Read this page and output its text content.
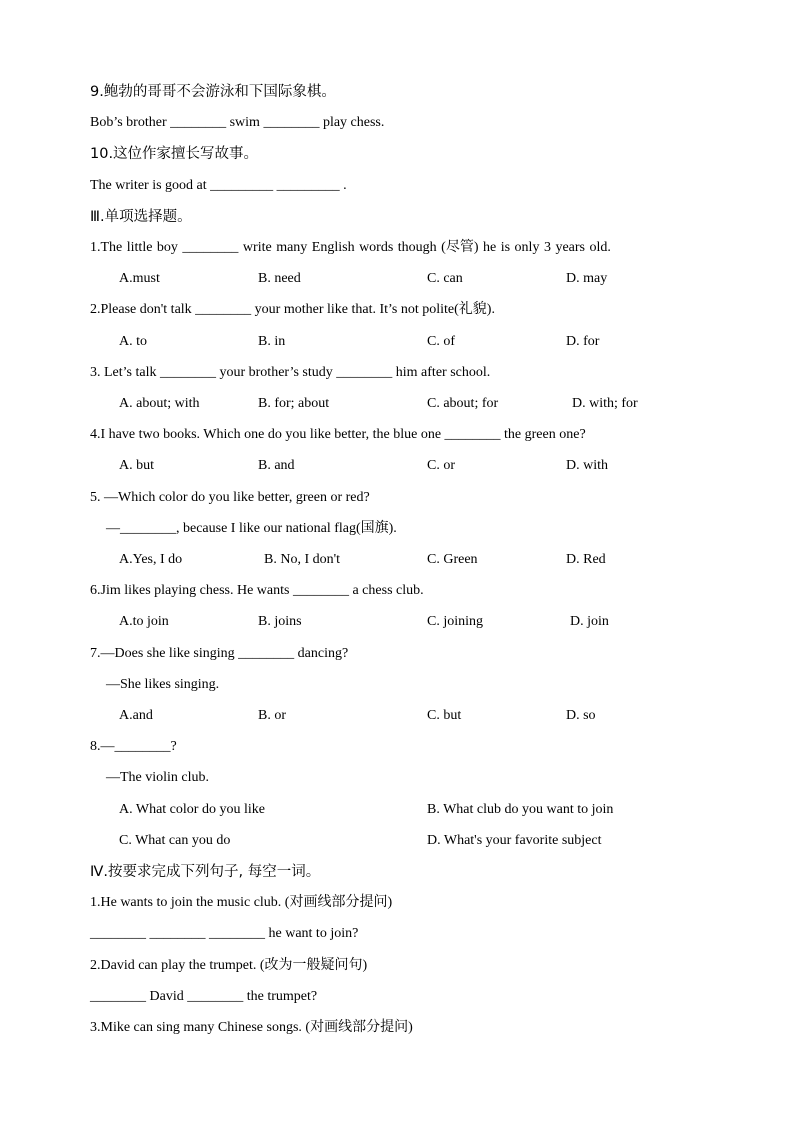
9.鲍勃的哥哥不会游泳和下国际象棋。
Bob’s brother ________ swim ________ play chess.
10.这位作家擅长写故事。
The writer is good at _________ _________ .
Ⅲ.单项选择题。
1.The little boy ________ write many English words though (尽管) he is only 3 years old.
A.must	B. need	C. can	D. may
2.Please don't talk ________ your mother like that. It’s not polite(礼貌).
A. to	B. in	C. of	D. for
3. Let’s talk ________ your brother’s study ________ him after school.
A. about; with	B. for; about	C. about; for	D. with; for
4.I have two books. Which one do you like better, the blue one ________ the green one?
A. but	B. and	C. or	D. with
5. —Which color do you like better, green or red?
—________, because I like our national flag(国旗).
A.Yes, I do	B. No, I don't	C. Green	D. Red
6.Jim likes playing chess. He wants ________ a chess club.
A.to join	B. joins	C. joining	D. join
7.—Does she like singing ________ dancing?
—She likes singing.
A.and	B. or	C. but	D. so
8.—________?
—The violin club.
A. What color do you like	B. What club do you want to join
C. What can you do	D. What's your favorite subject
Ⅳ.按要求完成下列句子, 每空一词。
1.He wants to join the music club. (对画线部分提问)
________ ________ ________ he want to join?
2.David can play the trumpet. (改为一般疑问句)
________ David ________ the trumpet?
3.Mike can sing many Chinese songs. (对画线部分提问)
